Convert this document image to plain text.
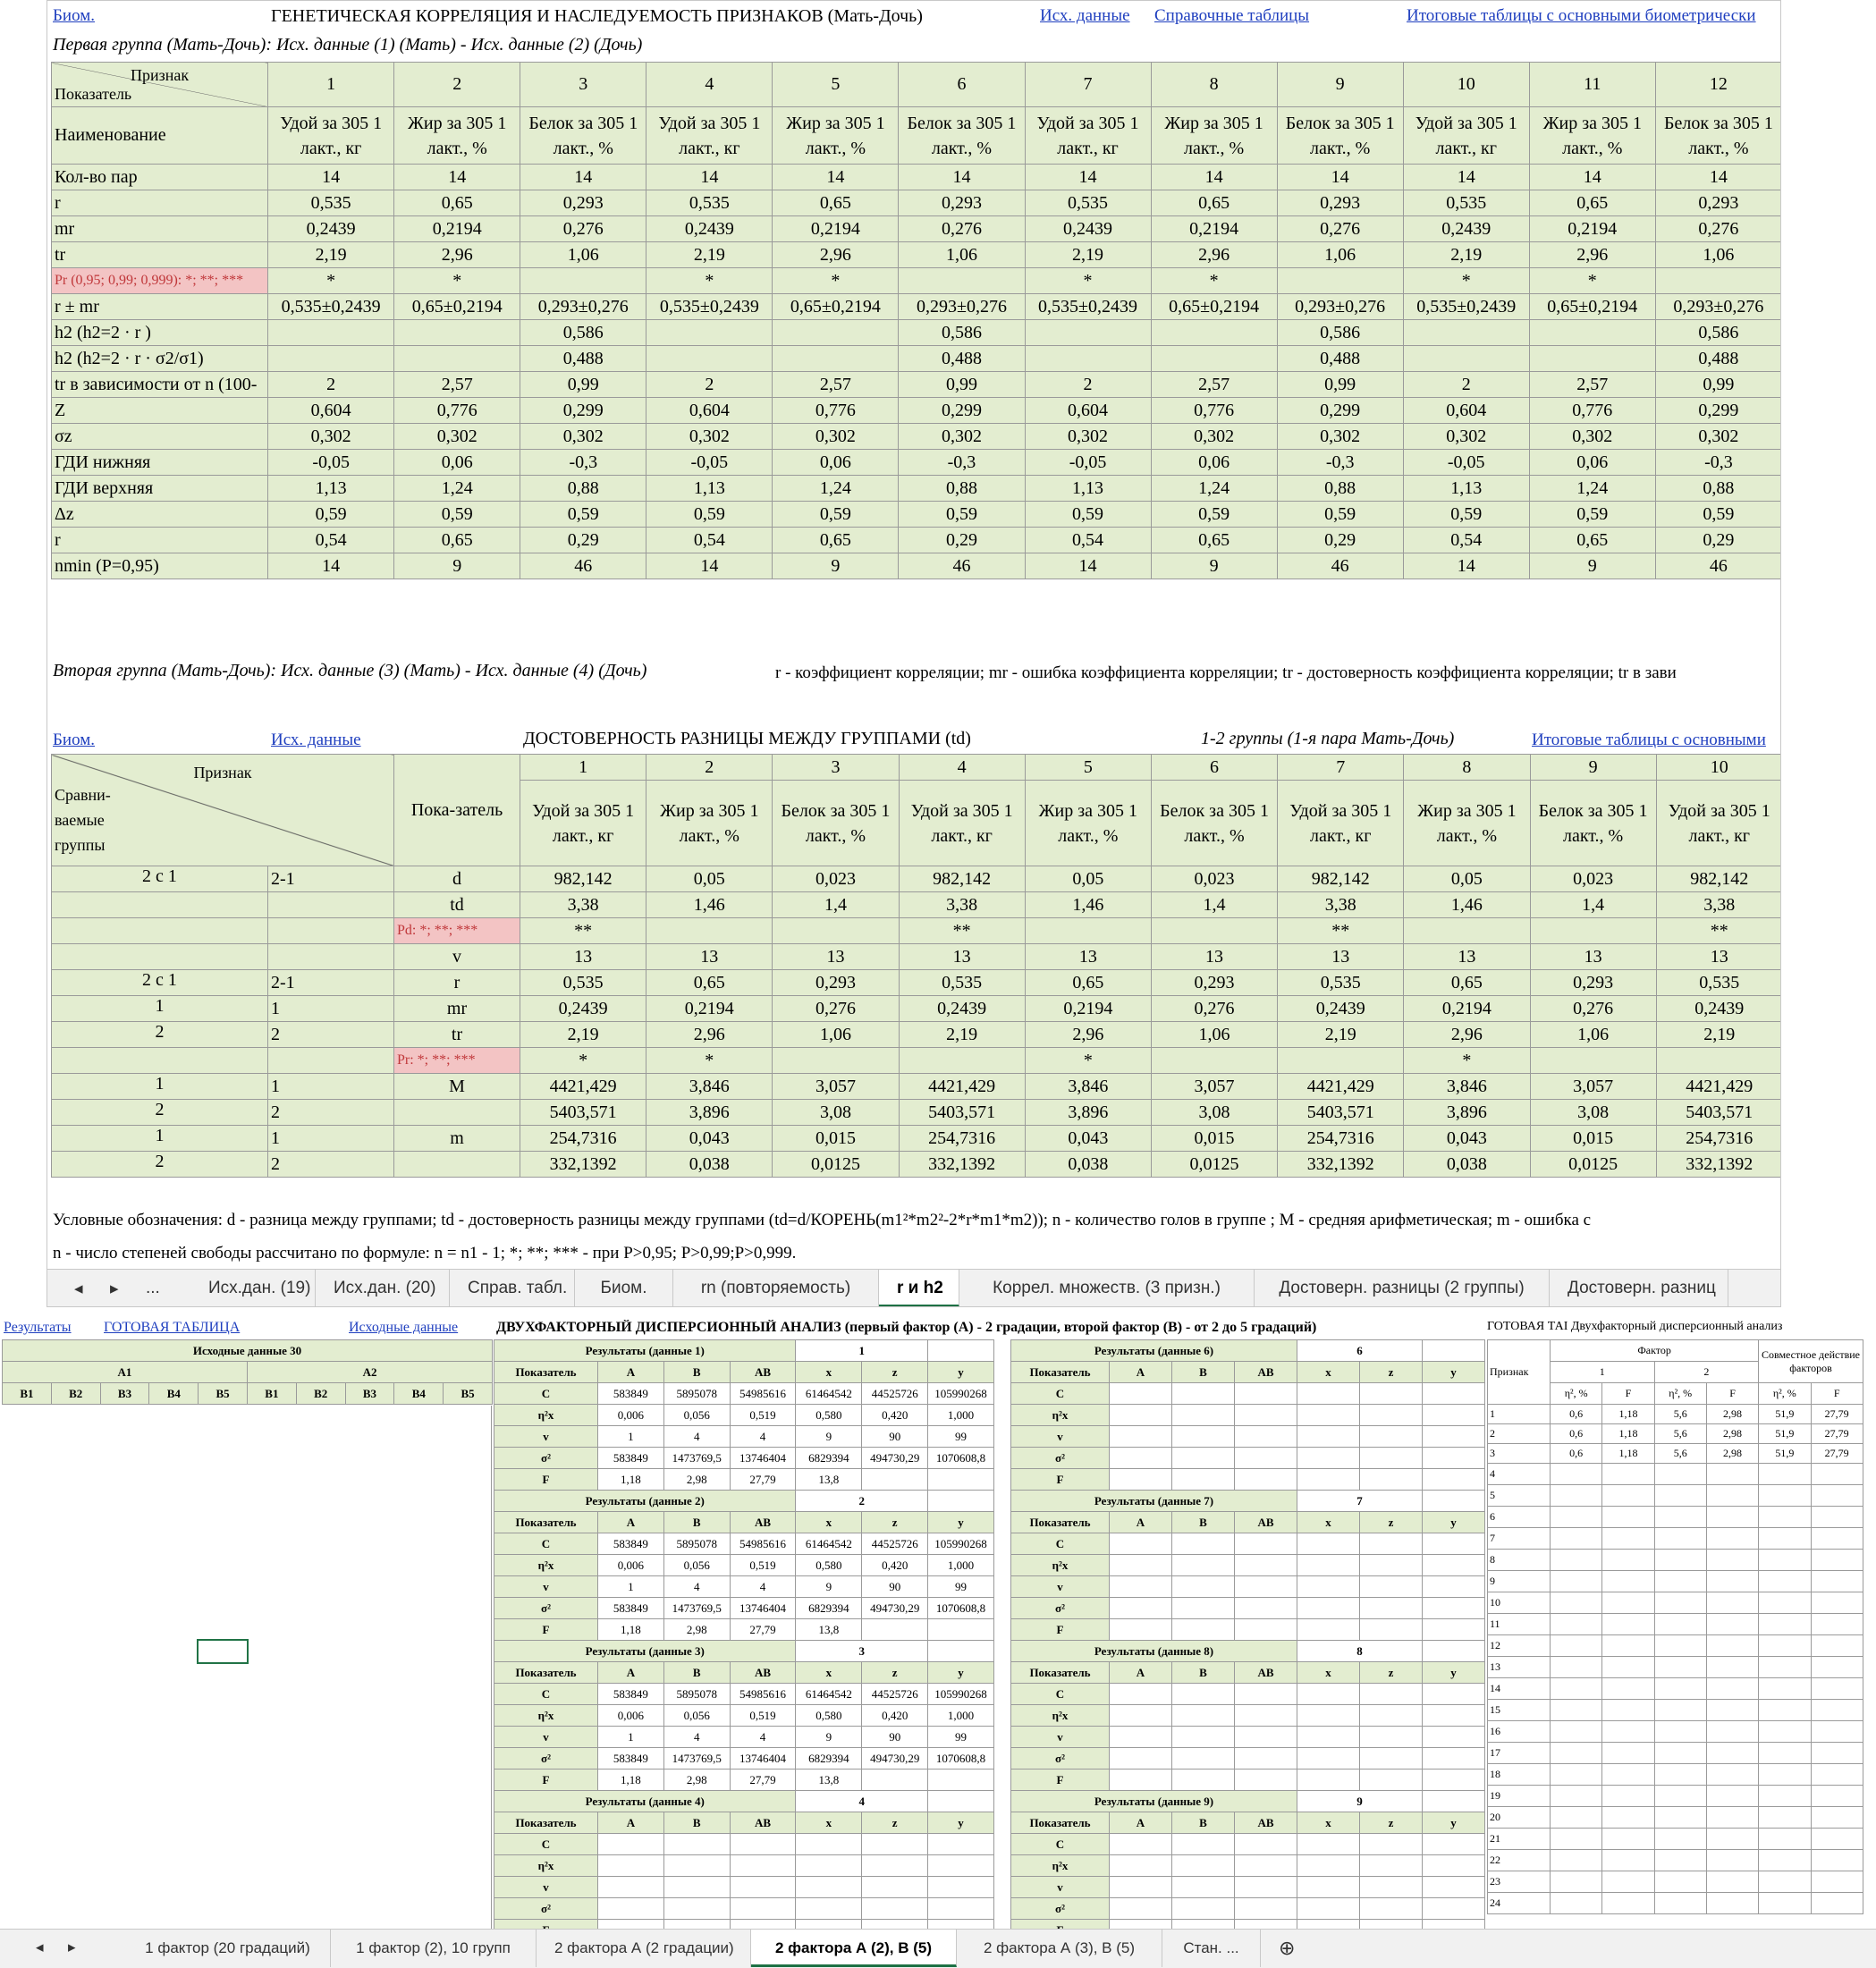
Биом.	ГЕНЕТИЧЕСКАЯ КОРРЕЛЯЦИЯ И НАСЛЕДУЕМОСТЬ ПРИЗНАКОВ (Мать-Дочь)	Исх. данные Справочные таблицы	Итоговые таблицы с основными биометрически
Первая группа (Мать-Дочь): Исх. данные (1) (Мать) - Исх. данные (2) (Дочь)
Признак
Показатель	1	2	3	4	5	6	7	8	9	10	11	12
Наименование	Удой за 305 1 лакт., кг	Жир за 305 1 лакт., %	Белок за 305 1 лакт., %	Удой за 305 1 лакт., кг	Жир за 305 1 лакт., %	Белок за 305 1 лакт., %	Удой за 305 1 лакт., кг	Жир за 305 1 лакт., %	Белок за 305 1 лакт., %	Удой за 305 1 лакт., кг	Жир за 305 1 лакт., %	Белок за 305 1 лакт., %
Кол-во пар	14	14	14	14	14	14	14	14	14	14	14	14
r	0,535	0,65	0,293	0,535	0,65	0,293	0,535	0,65	0,293	0,535	0,65	0,293
mr	0,2439	0,2194	0,276	0,2439	0,2194	0,276	0,2439	0,2194	0,276	0,2439	0,2194	0,276
tr	2,19	2,96	1,06	2,19	2,96	1,06	2,19	2,96	1,06	2,19	2,96	1,06
Pr (0,95; 0,99; 0,999): *; **; ***	*	*		*	*		*	*		*	*	
r ± mr	0,535±0,2439	0,65±0,2194	0,293±0,276	0,535±0,2439	0,65±0,2194	0,293±0,276	0,535±0,2439	0,65±0,2194	0,293±0,276	0,535±0,2439	0,65±0,2194	0,293±0,276
h2 (h2=2 · r )			0,586			0,586			0,586			0,586
h2 (h2=2 · r · σ2/σ1)			0,488			0,488			0,488			0,488
tr в зависимости от n (100-	2	2,57	0,99	2	2,57	0,99	2	2,57	0,99	2	2,57	0,99
Z	0,604	0,776	0,299	0,604	0,776	0,299	0,604	0,776	0,299	0,604	0,776	0,299
σz	0,302	0,302	0,302	0,302	0,302	0,302	0,302	0,302	0,302	0,302	0,302	0,302
ГДИ нижняя	-0,05	0,06	-0,3	-0,05	0,06	-0,3	-0,05	0,06	-0,3	-0,05	0,06	-0,3
ГДИ верхняя	1,13	1,24	0,88	1,13	1,24	0,88	1,13	1,24	0,88	1,13	1,24	0,88
Δz	0,59	0,59	0,59	0,59	0,59	0,59	0,59	0,59	0,59	0,59	0,59	0,59
r	0,54	0,65	0,29	0,54	0,65	0,29	0,54	0,65	0,29	0,54	0,65	0,29
nmin (P=0,95)	14	9	46	14	9	46	14	9	46	14	9	46
Вторая группа (Мать-Дочь): Исх. данные (3) (Мать) - Исх. данные (4) (Дочь)	r - коэффициент корреляции; mr - ошибка коэффициента корреляции; tr - достоверность коэффициента корреляции; tr в зави
Биом.	Исх. данные	ДОСТОВЕРНОСТЬ РАЗНИЦЫ МЕЖДУ ГРУППАМИ (td)	1-2 группы (1-я пара Мать-Дочь)	Итоговые таблицы с основными
Признак
Сравни-ваемые группы		Пока-затель	1	2	3	4	5	6	7	8	9	10
			Удой за 305 1 лакт., кг	Жир за 305 1 лакт., %	Белок за 305 1 лакт., %	Удой за 305 1 лакт., кг	Жир за 305 1 лакт., %	Белок за 305 1 лакт., %	Удой за 305 1 лакт., кг	Жир за 305 1 лакт., %	Белок за 305 1 лакт., %	Удой за 305 1 лакт., кг
2 с 1	2-1	d	982,142	0,05	0,023	982,142	0,05	0,023	982,142	0,05	0,023	982,142
		td	3,38	1,46	1,4	3,38	1,46	1,4	3,38	1,46	1,4	3,38
		Pd: *; **; ***	**			**			**			**
		v	13	13	13	13	13	13	13	13	13	13
2 с 1	2-1	r	0,535	0,65	0,293	0,535	0,65	0,293	0,535	0,65	0,293	0,535
1	1	mr	0,2439	0,2194	0,276	0,2439	0,2194	0,276	0,2439	0,2194	0,276	0,2439
2	2	tr	2,19	2,96	1,06	2,19	2,96	1,06	2,19	2,96	1,06	2,19
		Pr: *; **; ***	*	*			*			*		
1	1	M	4421,429	3,846	3,057	4421,429	3,846	3,057	4421,429	3,846	3,057	4421,429
2	2		5403,571	3,896	3,08	5403,571	3,896	3,08	5403,571	3,896	3,08	5403,571
1	1	m	254,7316	0,043	0,015	254,7316	0,043	0,015	254,7316	0,043	0,015	254,7316
2	2		332,1392	0,038	0,0125	332,1392	0,038	0,0125	332,1392	0,038	0,0125	332,1392
Условные обозначения: d - разница между группами; td - достоверность разницы между группами (td=d/КОРЕНЬ(m1²*m2²-2*r*m1*m2)); n - количество голов в группе ; M - средняя арифметическая; m - ошибка с
n - число степеней свободы рассчитано по формуле: n = n1 - 1; *; **; *** - при P>0,95; P>0,99;P>0,999.
◂ ▸ ...	Исх.дан. (19)	Исх.дан. (20)	Справ. табл.	Биом.	rn (повторяемость)	r и h2	Коррел. множеств. (3 призн.)	Достоверн. разницы (2 группы)	Достоверн. разниц
Результаты ГОТОВАЯ ТАБЛИЦА	Исходные данные	ДВУХФАКТОРНЫЙ ДИСПЕРСИОННЫЙ АНАЛИЗ (первый фактор (А) - 2 градации, второй фактор (В) - от 2 до 5 градаций)
Исходные данные 30									
А1					А2				
B1	B2	B3	B4	B5	B1	B2	B3	B4	B5
Результаты (данные 1)				1		
Показатель	A	B	AB	x	z	y
C	583849	5895078	54985616	61464542	44525726	105990268
η²x	0,006	0,056	0,519	0,580	0,420	1,000
v	1	4	4	9	90	99
σ²	583849	1473769,5	13746404	6829394	494730,29	1070608,8
F	1,18	2,98	27,79	13,8		
Результаты (данные 2)				2		
Показатель	A	B	AB	x	z	y
C	583849	5895078	54985616	61464542	44525726	105990268
η²x	0,006	0,056	0,519	0,580	0,420	1,000
v	1	4	4	9	90	99
σ²	583849	1473769,5	13746404	6829394	494730,29	1070608,8
F	1,18	2,98	27,79	13,8		
Результаты (данные 3)				3		
Показатель	A	B	AB	x	z	y
C	583849	5895078	54985616	61464542	44525726	105990268
η²x	0,006	0,056	0,519	0,580	0,420	1,000
v	1	4	4	9	90	99
σ²	583849	1473769,5	13746404	6829394	494730,29	1070608,8
F	1,18	2,98	27,79	13,8		
Результаты (данные 4)				4		
Показатель	A	B	AB	x	z	y
C						
η²x						
v						
σ²						

Результаты (данные 6)				6		
Показатель	A	B	AB	x	z	y
C						
η²x						
v						
σ²						
F						
Результаты (данные 7)				7		
Показатель	A	B	AB	x	z	y
C						
η²x						
v						
σ²						
F						
Результаты (данные 8)				8		
Показатель	A	B	AB	x	z	y
C						
η²x						
v						
σ²						
F						
Результаты (данные 9)				9		
Показатель	A	B	AB	x	z	y
C						
η²x						
v						
σ²						

ГОТОВАЯ ТАІ Двухфакторный дисперсионный анализ
Признак	Фактор				Совместное действие факторов	
	1		2			
	η², %	F	η², %	F	η², %	F
1	0,6	1,18	5,6	2,98	51,9	27,79
2	0,6	1,18	5,6	2,98	51,9	27,79
3	0,6	1,18	5,6	2,98	51,9	27,79
4						
5						
6						
7						
8						
9						
10						
11						
12						
13						
14						
15						
16						
17						
18						
19						
20						
21						
22						
23						
24						
◂ ▸	1 фактор (20 градаций)	1 фактор (2), 10 групп	2 фактора А (2 градации)	2 фактора А (2), В (5)	2 фактора А (3), В (5)	Стан. ...	⊕
